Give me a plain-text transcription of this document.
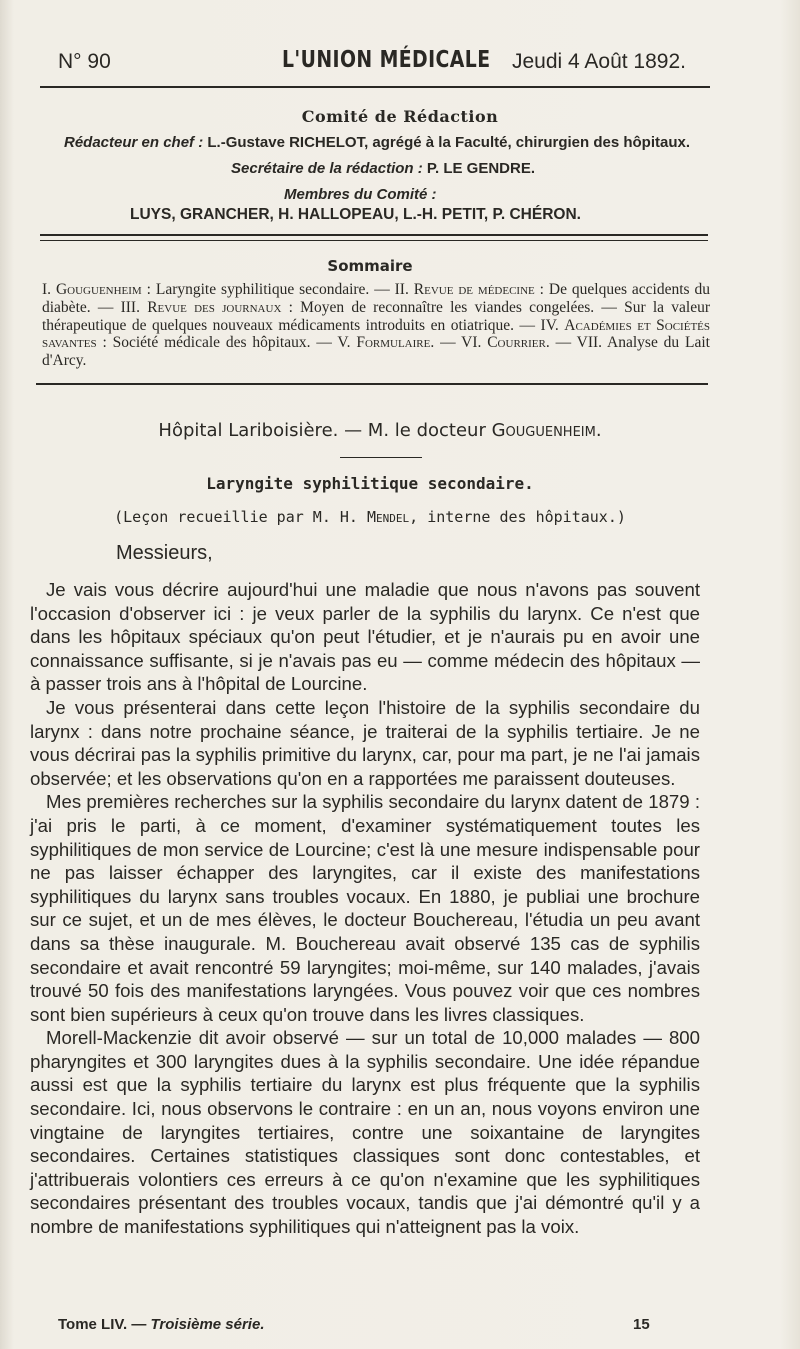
N° 90	L'UNION MÉDICALE Jeudi 4 Août 1892.
Comité de Rédaction
Rédacteur en chef : L.-Gustave RICHELOT, agrégé à la Faculté, chirurgien des hôpitaux.
Secrétaire de la rédaction : P. LE GENDRE.
Membres du Comité :
LUYS, GRANCHER, H. HALLOPEAU, L.-H. PETIT, P. CHÉRON.
Sommaire
I. Gouguenheim : Laryngite syphilitique secondaire. — II. Revue de médecine : De quelques accidents du diabète. — III. Revue des journaux : Moyen de reconnaître les viandes congelées. — Sur la valeur thérapeutique de quelques nouveaux médicaments introduits en otiatrique. — IV. Académies et Sociétés savantes : Société médicale des hôpitaux. — V. Formulaire. — VI. Courrier. — VII. Analyse du Lait d'Arcy.
Hôpital Lariboisière. — M. le docteur Gouguenheim.
Laryngite syphilitique secondaire.
(Leçon recueillie par M. H. Mendel, interne des hôpitaux.)
Messieurs,

Je vais vous décrire aujourd'hui une maladie que nous n'avons pas souvent l'occasion d'observer ici : je veux parler de la syphilis du larynx. Ce n'est que dans les hôpitaux spéciaux qu'on peut l'étudier, et je n'aurais pu en avoir une connaissance suffisante, si je n'avais pas eu — comme médecin des hôpitaux — à passer trois ans à l'hôpital de Lourcine.

Je vous présenterai dans cette leçon l'histoire de la syphilis secondaire du larynx : dans notre prochaine séance, je traiterai de la syphilis tertiaire. Je ne vous décrirai pas la syphilis primitive du larynx, car, pour ma part, je ne l'ai jamais observée; et les observations qu'on en a rapportées me paraissent douteuses.

Mes premières recherches sur la syphilis secondaire du larynx datent de 1879 : j'ai pris le parti, à ce moment, d'examiner systématiquement toutes les syphilitiques de mon service de Lourcine; c'est là une mesure indispensable pour ne pas laisser échapper des laryngites, car il existe des manifestations syphilitiques du larynx sans troubles vocaux. En 1880, je publiai une brochure sur ce sujet, et un de mes élèves, le docteur Bouchereau, l'étudia un peu avant dans sa thèse inaugurale. M. Bouchereau avait observé 135 cas de syphilis secondaire et avait rencontré 59 laryngites; moi-même, sur 140 malades, j'avais trouvé 50 fois des manifestations laryngées. Vous pouvez voir que ces nombres sont bien supérieurs à ceux qu'on trouve dans les livres classiques.

Morell-Mackenzie dit avoir observé — sur un total de 10,000 malades — 800 pharyngites et 300 laryngites dues à la syphilis secondaire. Une idée répandue aussi est que la syphilis tertiaire du larynx est plus fréquente que la syphilis secondaire. Ici, nous observons le contraire : en un an, nous voyons environ une vingtaine de laryngites tertiaires, contre une soixantaine de laryngites secondaires. Certaines statistiques classiques sont donc contestables, et j'attribuerais volontiers ces erreurs à ce qu'on n'examine que les syphilitiques secondaires présentant des troubles vocaux, tandis que j'ai démontré qu'il y a nombre de manifestations syphilitiques qui n'atteignent pas la voix.

Tome LIV. — Troisième série.	15
